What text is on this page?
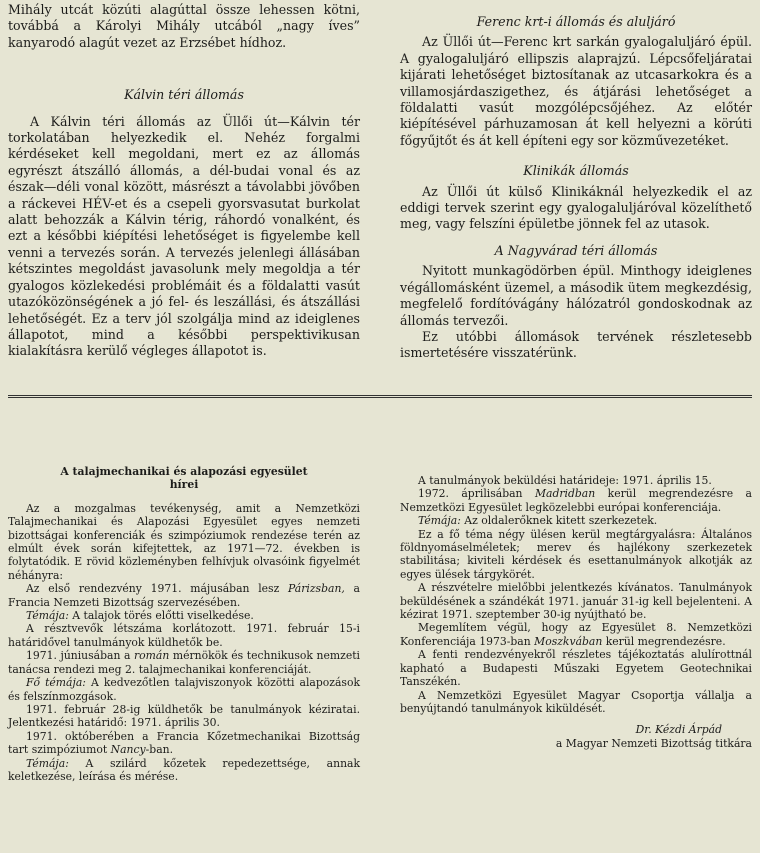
Mihály utcát közúti alagúttal össze lehessen kötni, továbbá a Károlyi Mihály utcából „nagy íves” kanyarodó alagút vezet az Erzsébet hídhoz.

Kálvin téri állomás

A Kálvin téri állomás az Üllői út—Kálvin tér torkolatában helyezkedik el. Nehéz forgalmi kérdéseket kell megoldani, mert ez az állomás egyrészt átszálló állomás, a dél-budai vonal és az észak—déli vonal között, másrészt a távolabbi jövőben a ráckevei HÉV-et és a csepeli gyorsvasutat burkolat alatt behozzák a Kálvin térig, ráhordó vonalként, és ezt a későbbi kiépítési lehetőséget is figyelembe kell venni a tervezés során. A tervezés jelenlegi állásában kétszintes megoldást javasolunk mely megoldja a tér gyalogos közlekedési problémáit és a földalatti vasút utazóközönségének a jó fel- és leszállási, és átszállási lehetőségét. Ez a terv jól szolgálja mind az ideiglenes állapotot, mind a későbbi perspektivikusan kialakításra kerülő végleges állapotot is.

Ferenc krt-i állomás és aluljáró

Az Üllői út—Ferenc krt sarkán gyalogaluljáró épül. A gyalogaluljáró ellipszis alaprajzú. Lépcsőfeljáratai kijárati lehetőséget biztosítanak az utcasarkokra és a villamosjárdaszigethez, és átjárási lehetőséget a földalatti vasút mozgólépcsőjéhez. Az előtér kiépítésével párhuzamosan át kell helyezni a körúti főgyűjtőt és át kell építeni egy sor közművezetéket.

Klinikák állomás

Az Üllői út külső Klinikáknál helyezkedik el az eddigi tervek szerint egy gyalogaluljáróval közelíthető meg, vagy felszíni épületbe jönnek fel az utasok.

A Nagyvárad téri állomás

Nyitott munkagödörben épül. Minthogy ideiglenes végállomásként üzemel, a második ütem megkezdésig, megfelelő fordítóvágány hálózatról gondoskodnak az állomás tervezői.

Ez utóbbi állomások tervének részletesebb ismertetésére visszatérünk.

A talajmechanikai és alapozási egyesület
hírei

Az a mozgalmas tevékenység, amit a Nemzetközi Talajmechanikai és Alapozási Egyesület egyes nemzeti bizottságai konferenciák és szimpóziumok rendezése terén az elmúlt évek során kifejtettek, az 1971—72. években is folytatódik. E rövid közleményben felhívjuk olvasóink figyelmét néhányra:

Az első rendezvény 1971. májusában lesz Párizsban, a Francia Nemzeti Bizottság szervezésében.

Témája: A talajok törés előtti viselkedése.

A résztvevők létszáma korlátozott. 1971. február 15-i határidővel tanulmányok küldhetők be.

1971. júniusában a román mérnökök és technikusok nemzeti tanácsa rendezi meg 2. talajmechanikai konferenciáját.

Fő témája: A kedvezőtlen talajviszonyok közötti alapozások és felszínmozgások.

1971. február 28-ig küldhetők be tanulmányok kéziratai. Jelentkezési határidő: 1971. április 30.

1971. októberében a Francia Kőzetmechanikai Bizottság tart szimpóziumot Nancy-ban.

Témája: A szilárd kőzetek repedezettsége, annak keletkezése, leírása és mérése.

A tanulmányok beküldési határideje: 1971. április 15.

1972. áprilisában Madridban kerül megrendezésre a Nemzetközi Egyesület legközelebbi európai konferenciája.

Témája: Az oldalerőknek kitett szerkezetek.

Ez a fő téma négy ülésen kerül megtárgyalásra: Általános földnyomáselméletek; merev és hajlékony szerkezetek stabilitása; kiviteli kérdések és esettanulmányok alkotják az egyes ülések tárgykörét.

A részvételre mielőbbi jelentkezés kívánatos. Tanulmányok beküldésének a szándékát 1971. január 31-ig kell bejelenteni. A kézirat 1971. szeptember 30-ig nyújtható be.

Megemlítem végül, hogy az Egyesület 8. Nemzetközi Konferenciája 1973-ban Moszkvában kerül megrendezésre.

A fenti rendezvényekről részletes tájékoztatás alulírottnál kapható a Budapesti Műszaki Egyetem Geotechnikai Tanszékén.

A Nemzetközi Egyesület Magyar Csoportja vállalja a benyújtandó tanulmányok kiküldését.

Dr. Kézdi Árpád

a Magyar Nemzeti Bizottság titkára
